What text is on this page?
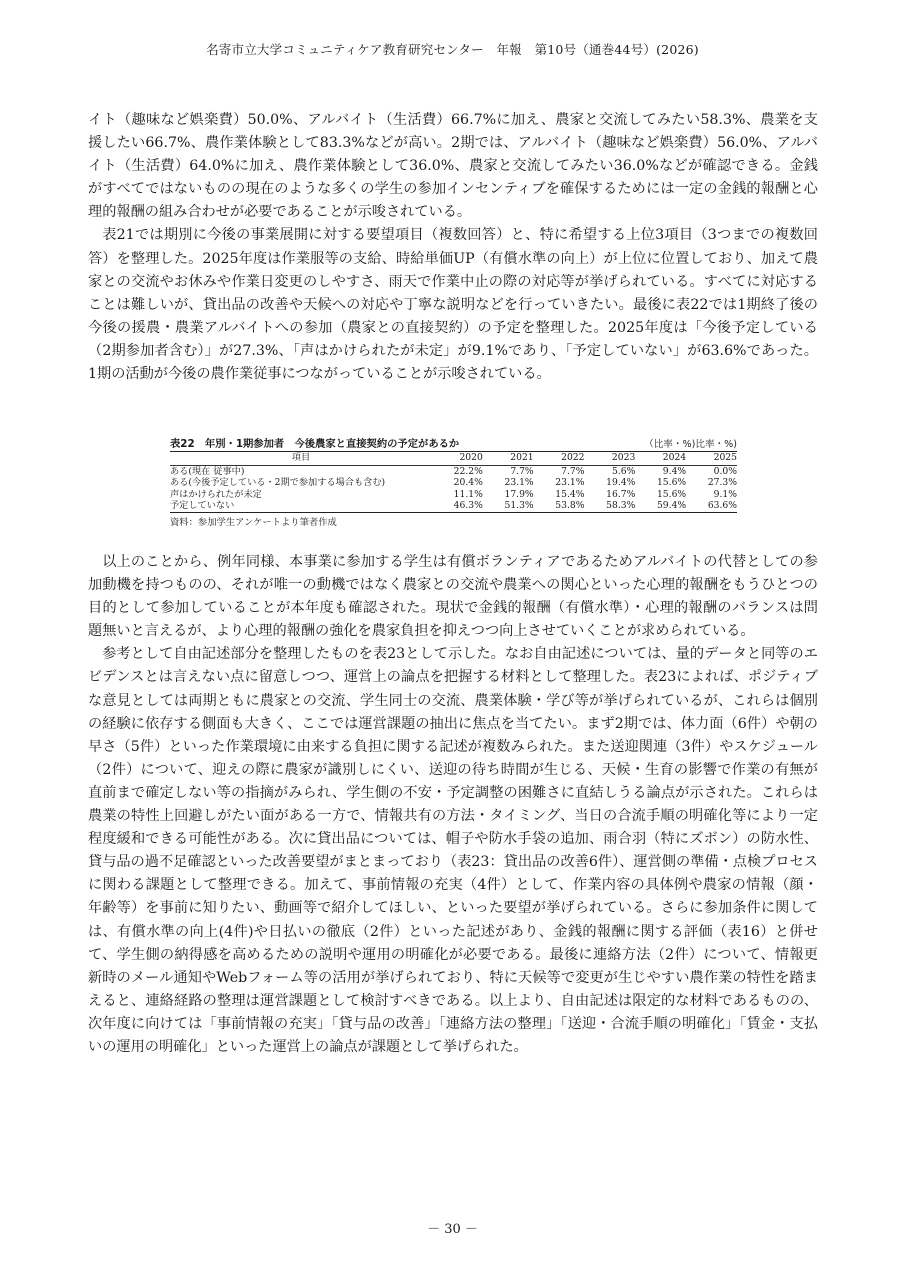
名寄市立大学コミュニティケア教育研究センター　年報　第10号（通巻44号）(2026)

イト（趣味など娯楽費）50.0%、アルバイト（生活費）66.7%に加え、農家と交流してみたい58.3%、農業を支援したい66.7%、農作業体験として83.3%などが高い。2期では、アルバイト（趣味など娯楽費）56.0%、アルバイト（生活費）64.0%に加え、農作業体験として36.0%、農家と交流してみたい36.0%などが確認できる。金銭がすべてではないものの現在のような多くの学生の参加インセンティブを確保するためには一定の金銭的報酬と心理的報酬の組み合わせが必要であることが示唆されている。

表21では期別に今後の事業展開に対する要望項目（複数回答）と、特に希望する上位3項目（3つまでの複数回答）を整理した。2025年度は作業服等の支給、時給単価UP（有償水準の向上）が上位に位置しており、加えて農家との交流やお休みや作業日変更のしやすさ、雨天で作業中止の際の対応等が挙げられている。すべてに対応することは難しいが、貸出品の改善や天候への対応や丁寧な説明などを行っていきたい。最後に表22では1期終了後の今後の援農・農業アルバイトへの参加（農家との直接契約）の予定を整理した。2025年度は「今後予定している（2期参加者含む）」が27.3%、「声はかけられたが未定」が9.1%であり、「予定していない」が63.6%であった。1期の活動が今後の農作業従事につながっていることが示唆されている。

表22　年別・1期参加者　今後農家と直接契約の予定があるか	（比率・%)比率・%)
項目	2020	2021	2022	2023	2024	2025
ある(現在 従事中)	22.2%	7.7%	7.7%	5.6%	9.4%	0.0%
ある(今後予定している・2期で参加する場合も含む)	20.4%	23.1%	23.1%	19.4%	15.6%	27.3%
声はかけられたが未定	11.1%	17.9%	15.4%	16.7%	15.6%	9.1%
予定していない	46.3%	51.3%	53.8%	58.3%	59.4%	63.6%
資料：参加学生アンケートより筆者作成

以上のことから、例年同様、本事業に参加する学生は有償ボランティアであるためアルバイトの代替としての参加動機を持つものの、それが唯一の動機ではなく農家との交流や農業への関心といった心理的報酬をもうひとつの目的として参加していることが本年度も確認された。現状で金銭的報酬（有償水準）・心理的報酬のバランスは問題無いと言えるが、より心理的報酬の強化を農家負担を抑えつつ向上させていくことが求められている。

参考として自由記述部分を整理したものを表23として示した。なお自由記述については、量的データと同等のエビデンスとは言えない点に留意しつつ、運営上の論点を把握する材料として整理した。表23によれば、ポジティブな意見としては両期ともに農家との交流、学生同士の交流、農業体験・学び等が挙げられているが、これらは個別の経験に依存する側面も大きく、ここでは運営課題の抽出に焦点を当てたい。まず2期では、体力面（6件）や朝の早さ（5件）といった作業環境に由来する負担に関する記述が複数みられた。また送迎関連（3件）やスケジュール（2件）について、迎えの際に農家が識別しにくい、送迎の待ち時間が生じる、天候・生育の影響で作業の有無が直前まで確定しない等の指摘がみられ、学生側の不安・予定調整の困難さに直結しうる論点が示された。これらは農業の特性上回避しがたい面がある一方で、情報共有の方法・タイミング、当日の合流手順の明確化等により一定程度緩和できる可能性がある。次に貸出品については、帽子や防水手袋の追加、雨合羽（特にズボン）の防水性、貸与品の過不足確認といった改善要望がまとまっており（表23：貸出品の改善6件）、運営側の準備・点検プロセスに関わる課題として整理できる。加えて、事前情報の充実（4件）として、作業内容の具体例や農家の情報（顔・年齢等）を事前に知りたい、動画等で紹介してほしい、といった要望が挙げられている。さらに参加条件に関しては、有償水準の向上(4件)や日払いの徹底（2件）といった記述があり、金銭的報酬に関する評価（表16）と併せて、学生側の納得感を高めるための説明や運用の明確化が必要である。最後に連絡方法（2件）について、情報更新時のメール通知やWebフォーム等の活用が挙げられており、特に天候等で変更が生じやすい農作業の特性を踏まえると、連絡経路の整理は運営課題として検討すべきである。以上より、自由記述は限定的な材料であるものの、次年度に向けては「事前情報の充実」「貸与品の改善」「連絡方法の整理」「送迎・合流手順の明確化」「賃金・支払いの運用の明確化」といった運営上の論点が課題として挙げられた。

－ 30 －
